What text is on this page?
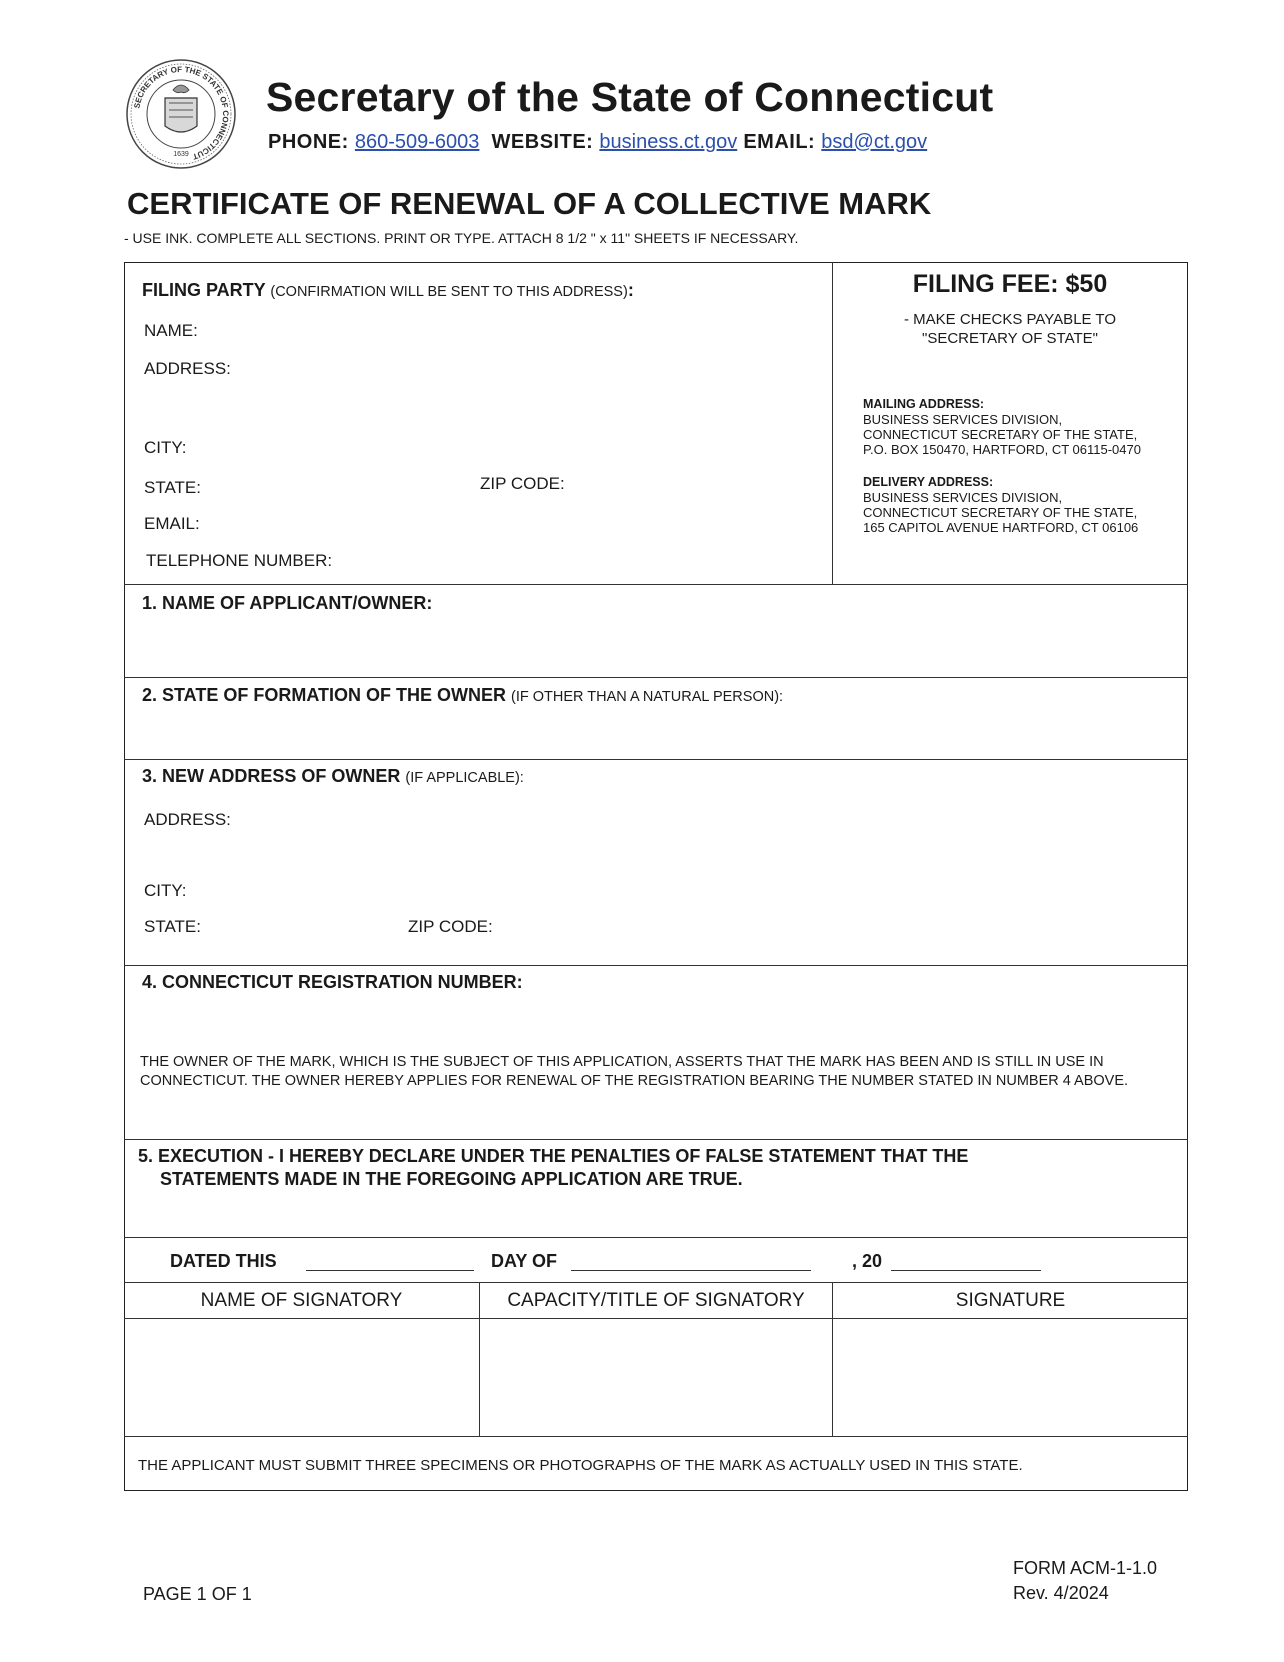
SECRETARY OF THE STATE OF CONNECTICUT
1639
Secretary of the State of Connecticut
PHONE: 860-509-6003 WEBSITE: business.ct.gov EMAIL: bsd@ct.gov
CERTIFICATE OF RENEWAL OF A COLLECTIVE MARK
- USE INK. COMPLETE ALL SECTIONS. PRINT OR TYPE. ATTACH 8 1/2 " x 11" SHEETS IF NECESSARY.
FILING PARTY (CONFIRMATION WILL BE SENT TO THIS ADDRESS):
NAME:
ADDRESS:
CITY:
STATE:	ZIP CODE:
EMAIL:
TELEPHONE NUMBER:
FILING FEE: $50
- MAKE CHECKS PAYABLE TO
"SECRETARY OF STATE"
MAILING ADDRESS:
BUSINESS SERVICES DIVISION,
CONNECTICUT SECRETARY OF THE STATE,
P.O. BOX 150470, HARTFORD, CT 06115-0470
DELIVERY ADDRESS:
BUSINESS SERVICES DIVISION,
CONNECTICUT SECRETARY OF THE STATE,
165 CAPITOL AVENUE HARTFORD, CT 06106
1. NAME OF APPLICANT/OWNER:
2. STATE OF FORMATION OF THE OWNER (IF OTHER THAN A NATURAL PERSON):
3. NEW ADDRESS OF OWNER (IF APPLICABLE):
ADDRESS:
CITY:
STATE:	ZIP CODE:
4. CONNECTICUT REGISTRATION NUMBER:
THE OWNER OF THE MARK, WHICH IS THE SUBJECT OF THIS APPLICATION, ASSERTS THAT THE MARK HAS BEEN AND IS STILL IN USE IN CONNECTICUT. THE OWNER HEREBY APPLIES FOR RENEWAL OF THE REGISTRATION BEARING THE NUMBER STATED IN NUMBER 4 ABOVE.
5. EXECUTION - I HEREBY DECLARE UNDER THE PENALTIES OF FALSE STATEMENT THAT THE
STATEMENTS MADE IN THE FOREGOING APPLICATION ARE TRUE.
DATED THIS	DAY OF	, 20
NAME OF SIGNATORY	CAPACITY/TITLE OF SIGNATORY	SIGNATURE
THE APPLICANT MUST SUBMIT THREE SPECIMENS OR PHOTOGRAPHS OF THE MARK AS ACTUALLY USED IN THIS STATE.
PAGE 1 OF 1
FORM ACM-1-1.0
Rev. 4/2024
